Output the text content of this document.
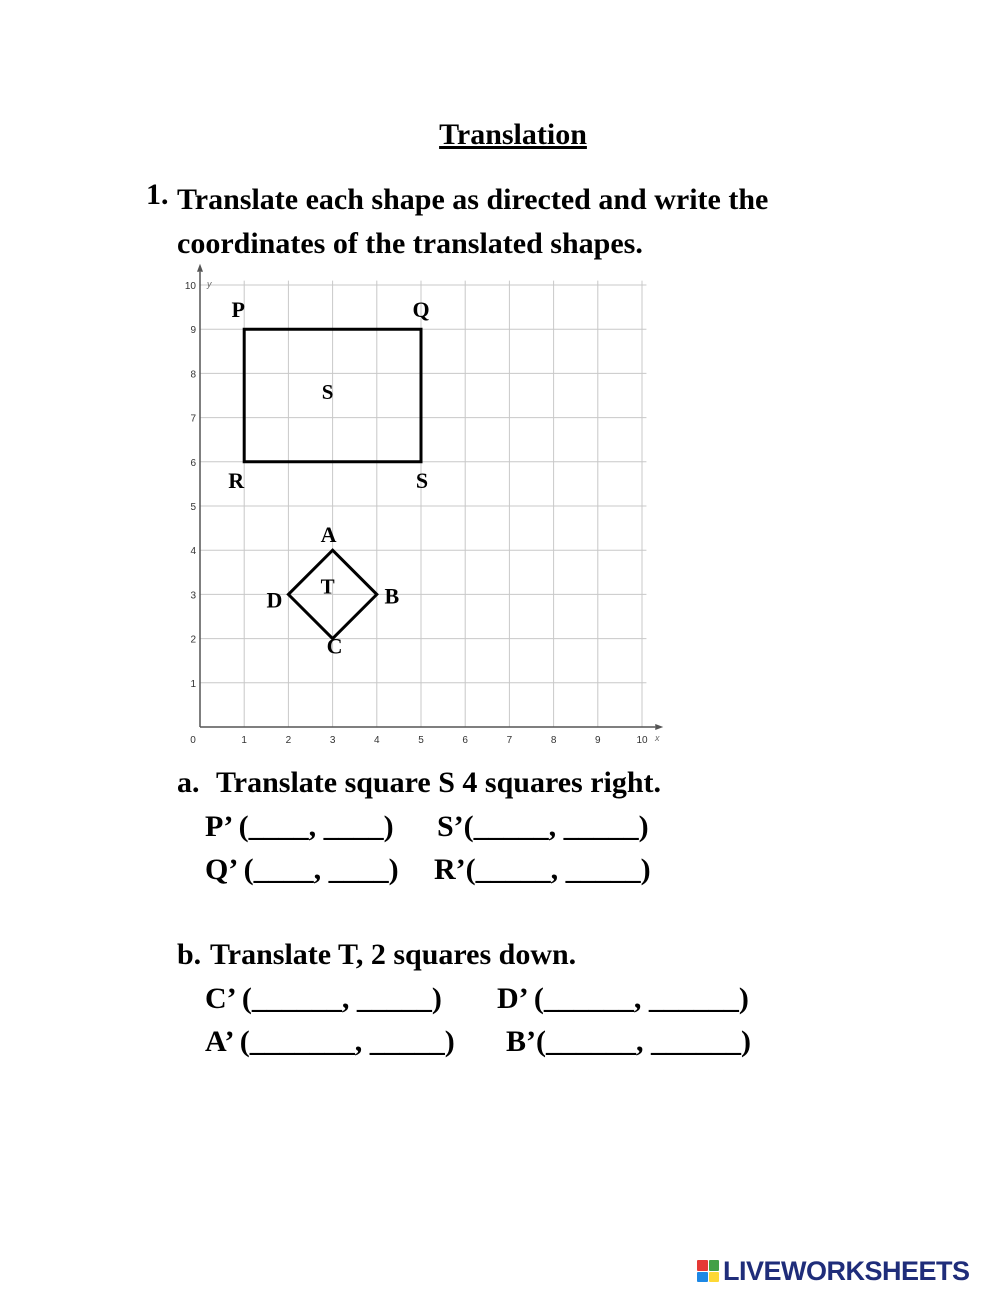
Translation
1. Translate each shape as directed and write the
coordinates of the translated shapes.
x
y
0	1	2	3	4	5	6	7	8	9	10
1
2
3
4
5
6
7
8
9
10
P	Q
S
R
S
A
B
C
D
T
a. Translate square S 4 squares right.
P’ (____, ____) S’(_____, _____)
Q’ (____, ____) R’(_____, _____)
b. Translate T, 2 squares down.
C’ (______, _____) D’ (______, ______)
A’ (_______, _____) B’(______, ______)
LIVEWORKSHEETS
